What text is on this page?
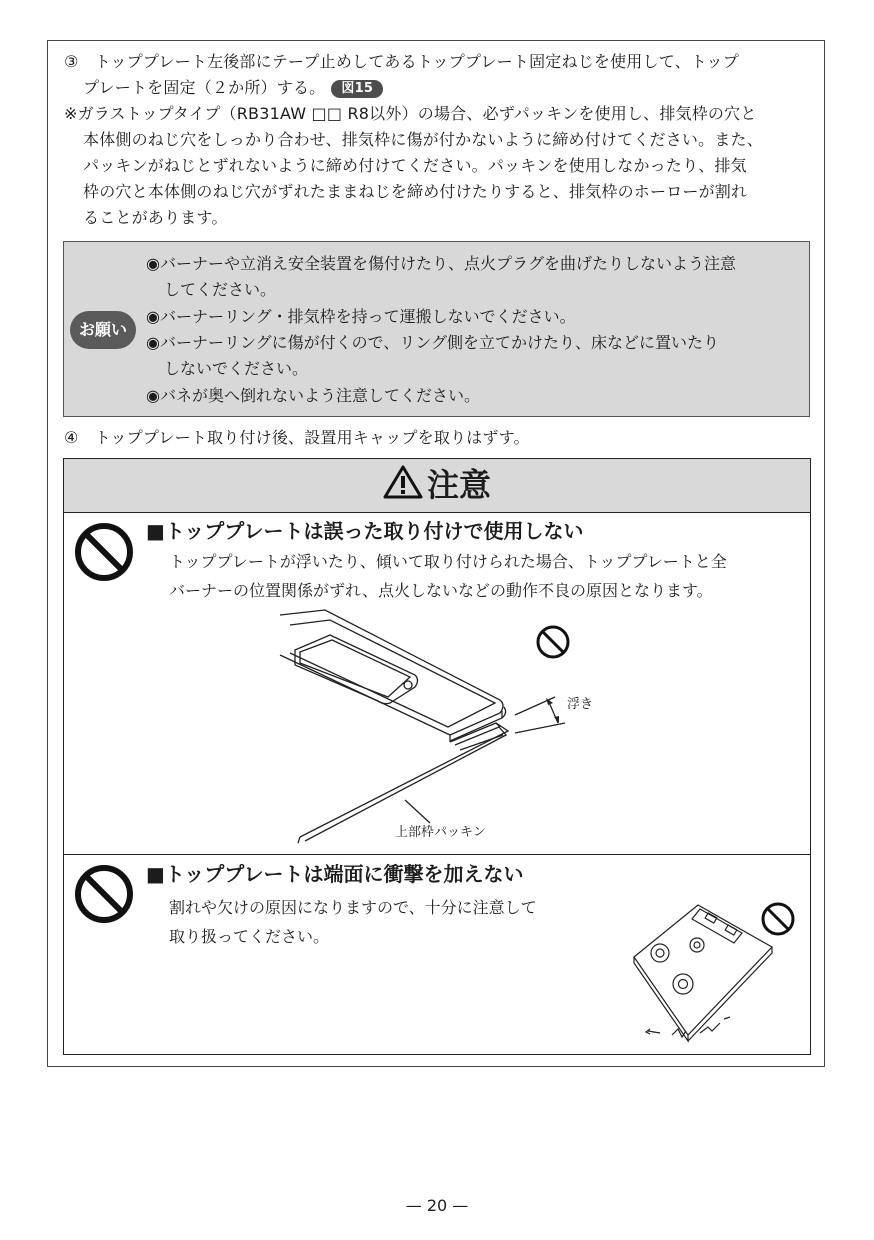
③　トッププレート左後部にテープ止めしてあるトッププレート固定ねじを使用して、トップ
プレートを固定（２か所）する。 図15
※ガラストップタイプ（RB31AW □□ R8以外）の場合、必ずパッキンを使用し、排気枠の穴と
本体側のねじ穴をしっかり合わせ、排気枠に傷が付かないように締め付けてください。また、
パッキンがねじとずれないように締め付けてください。パッキンを使用しなかったり、排気
枠の穴と本体側のねじ穴がずれたままねじを締め付けたりすると、排気枠のホーローが割れ
ることがあります。
お願い
◉バーナーや立消え安全装置を傷付けたり、点火プラグを曲げたりしないよう注意
してください。
◉バーナーリング・排気枠を持って運搬しないでください。
◉バーナーリングに傷が付くので、リング側を立てかけたり、床などに置いたり
しないでください。
◉バネが奥へ倒れないよう注意してください。
④　トッププレート取り付け後、設置用キャップを取りはずす。
注意
■トッププレートは誤った取り付けで使用しない
トッププレートが浮いたり、傾いて取り付けられた場合、トッププレートと全
バーナーの位置関係がずれ、点火しないなどの動作不良の原因となります。
浮き
上部枠パッキン
■トッププレートは端面に衝撃を加えない
割れや欠けの原因になりますので、十分に注意して
取り扱ってください。
— 20 —
